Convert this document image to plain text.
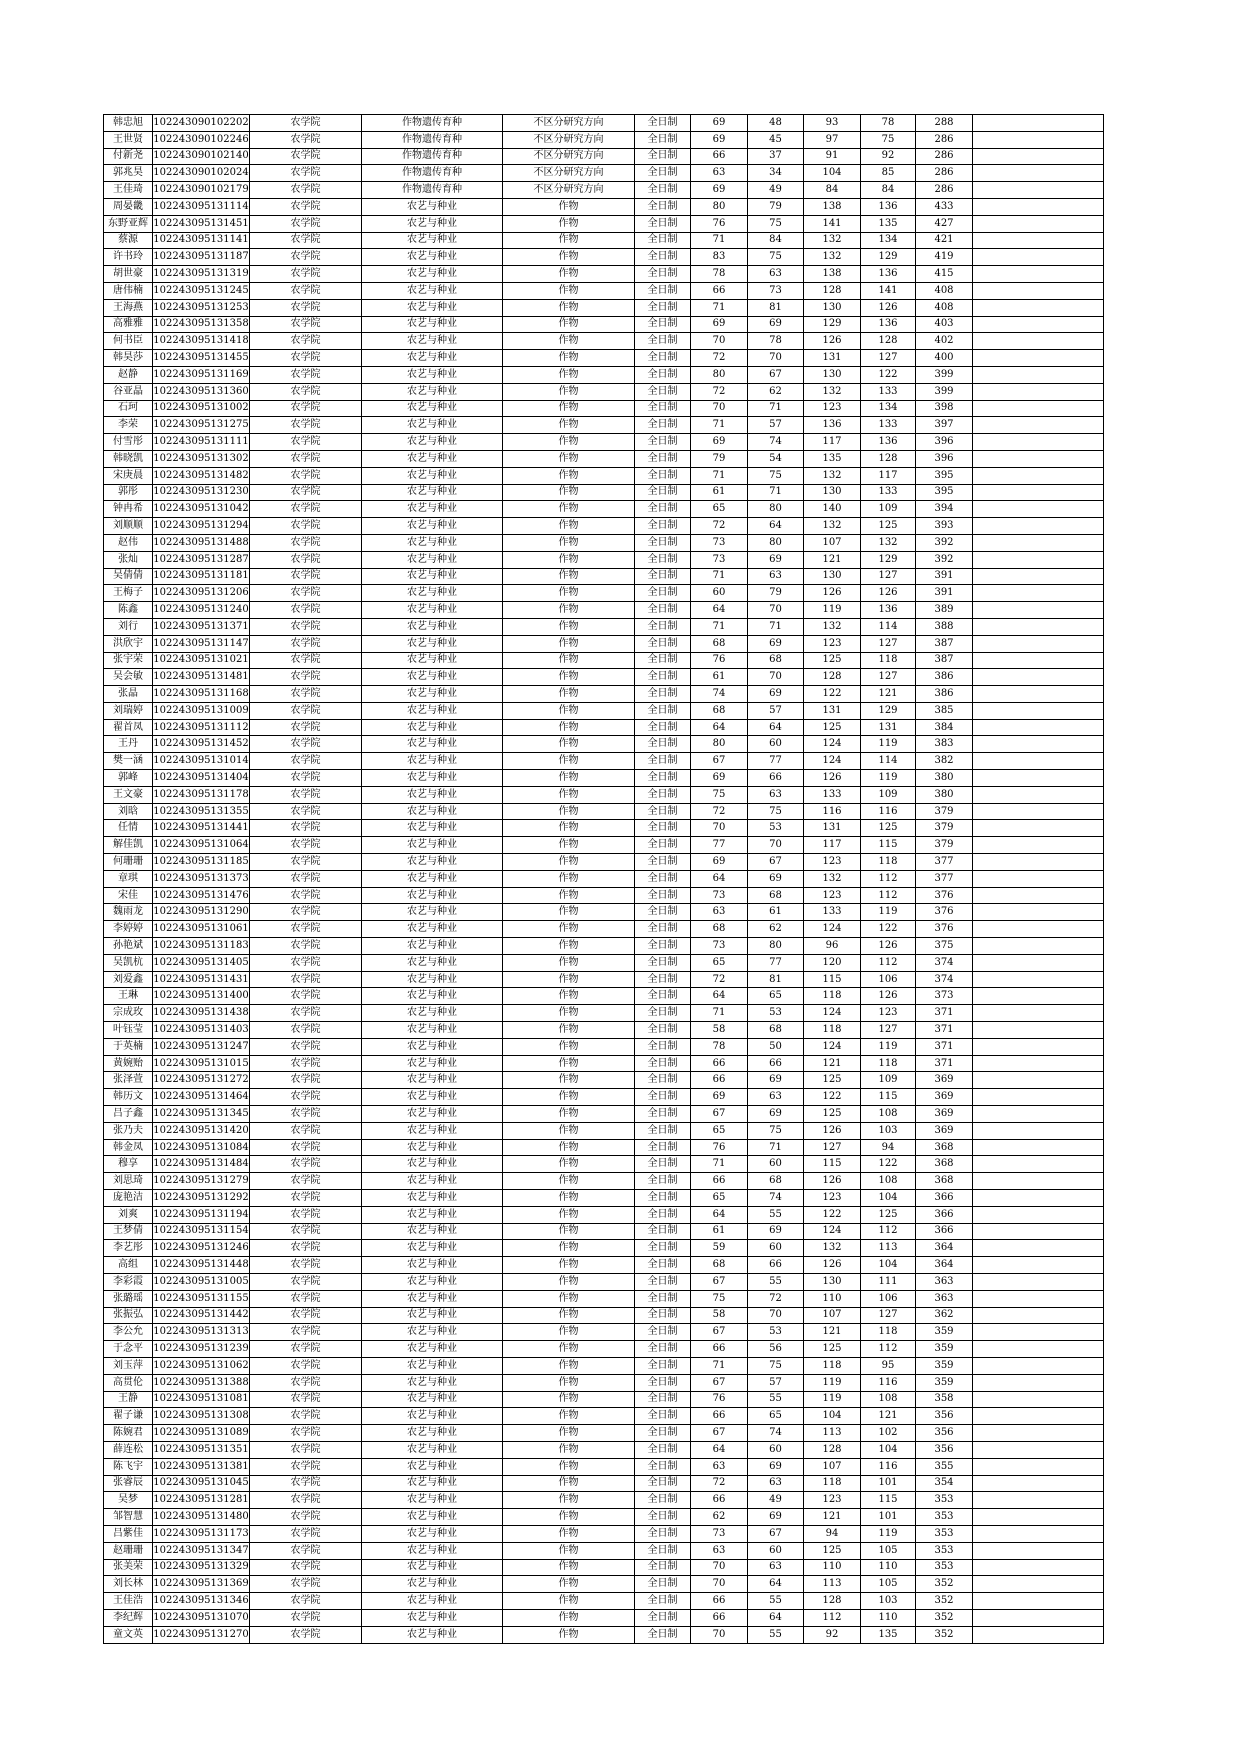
韩忠旭	102243090102202	农学院	作物遗传育种	不区分研究方向	全日制	69	48	93	78	288	
王世贤	102243090102246	农学院	作物遗传育种	不区分研究方向	全日制	69	45	97	75	286	
付新尧	102243090102140	农学院	作物遗传育种	不区分研究方向	全日制	66	37	91	92	286	
郭兆昊	102243090102024	农学院	作物遗传育种	不区分研究方向	全日制	63	34	104	85	286	
王佳琦	102243090102179	农学院	作物遗传育种	不区分研究方向	全日制	69	49	84	84	286	
周晏畿	102243095131114	农学院	农艺与种业	作物	全日制	80	79	138	136	433	
东野亚辉	102243095131451	农学院	农艺与种业	作物	全日制	76	75	141	135	427	
蔡源	102243095131141	农学院	农艺与种业	作物	全日制	71	84	132	134	421	
许书玲	102243095131187	农学院	农艺与种业	作物	全日制	83	75	132	129	419	
胡世豪	102243095131319	农学院	农艺与种业	作物	全日制	78	63	138	136	415	
唐伟楠	102243095131245	农学院	农艺与种业	作物	全日制	66	73	128	141	408	
王海燕	102243095131253	农学院	农艺与种业	作物	全日制	71	81	130	126	408	
高雅雅	102243095131358	农学院	农艺与种业	作物	全日制	69	69	129	136	403	
何书臣	102243095131418	农学院	农艺与种业	作物	全日制	70	78	126	128	402	
韩昊莎	102243095131455	农学院	农艺与种业	作物	全日制	72	70	131	127	400	
赵静	102243095131169	农学院	农艺与种业	作物	全日制	80	67	130	122	399	
谷亚晶	102243095131360	农学院	农艺与种业	作物	全日制	72	62	132	133	399	
石珂	102243095131002	农学院	农艺与种业	作物	全日制	70	71	123	134	398	
李荣	102243095131275	农学院	农艺与种业	作物	全日制	71	57	136	133	397	
付雪彤	102243095131111	农学院	农艺与种业	作物	全日制	69	74	117	136	396	
韩晓凯	102243095131302	农学院	农艺与种业	作物	全日制	79	54	135	128	396	
宋庚晨	102243095131482	农学院	农艺与种业	作物	全日制	71	75	132	117	395	
郭彤	102243095131230	农学院	农艺与种业	作物	全日制	61	71	130	133	395	
钟冉希	102243095131042	农学院	农艺与种业	作物	全日制	65	80	140	109	394	
刘顺顺	102243095131294	农学院	农艺与种业	作物	全日制	72	64	132	125	393	
赵伟	102243095131488	农学院	农艺与种业	作物	全日制	73	80	107	132	392	
张灿	102243095131287	农学院	农艺与种业	作物	全日制	73	69	121	129	392	
吴倩倩	102243095131181	农学院	农艺与种业	作物	全日制	71	63	130	127	391	
王梅子	102243095131206	农学院	农艺与种业	作物	全日制	60	79	126	126	391	
陈鑫	102243095131240	农学院	农艺与种业	作物	全日制	64	70	119	136	389	
刘行	102243095131371	农学院	农艺与种业	作物	全日制	71	71	132	114	388	
洪欣宇	102243095131147	农学院	农艺与种业	作物	全日制	68	69	123	127	387	
张宇荣	102243095131021	农学院	农艺与种业	作物	全日制	76	68	125	118	387	
吴会敏	102243095131481	农学院	农艺与种业	作物	全日制	61	70	128	127	386	
张晶	102243095131168	农学院	农艺与种业	作物	全日制	74	69	122	121	386	
刘瑞婷	102243095131009	农学院	农艺与种业	作物	全日制	68	57	131	129	385	
翟首凤	102243095131112	农学院	农艺与种业	作物	全日制	64	64	125	131	384	
王丹	102243095131452	农学院	农艺与种业	作物	全日制	80	60	124	119	383	
樊一涵	102243095131014	农学院	农艺与种业	作物	全日制	67	77	124	114	382	
郭峰	102243095131404	农学院	农艺与种业	作物	全日制	69	66	126	119	380	
王文豪	102243095131178	农学院	农艺与种业	作物	全日制	75	63	133	109	380	
刘晗	102243095131355	农学院	农艺与种业	作物	全日制	72	75	116	116	379	
任情	102243095131441	农学院	农艺与种业	作物	全日制	70	53	131	125	379	
解佳凯	102243095131064	农学院	农艺与种业	作物	全日制	77	70	117	115	379	
何珊珊	102243095131185	农学院	农艺与种业	作物	全日制	69	67	123	118	377	
章琪	102243095131373	农学院	农艺与种业	作物	全日制	64	69	132	112	377	
宋佳	102243095131476	农学院	农艺与种业	作物	全日制	73	68	123	112	376	
魏雨龙	102243095131290	农学院	农艺与种业	作物	全日制	63	61	133	119	376	
李婷婷	102243095131061	农学院	农艺与种业	作物	全日制	68	62	124	122	376	
孙艳斌	102243095131183	农学院	农艺与种业	作物	全日制	73	80	96	126	375	
吴凯杭	102243095131405	农学院	农艺与种业	作物	全日制	65	77	120	112	374	
刘爱鑫	102243095131431	农学院	农艺与种业	作物	全日制	72	81	115	106	374	
王琳	102243095131400	农学院	农艺与种业	作物	全日制	64	65	118	126	373	
宗成玫	102243095131438	农学院	农艺与种业	作物	全日制	71	53	124	123	371	
叶钰莹	102243095131403	农学院	农艺与种业	作物	全日制	58	68	118	127	371	
于英楠	102243095131247	农学院	农艺与种业	作物	全日制	78	50	124	119	371	
黄婉贻	102243095131015	农学院	农艺与种业	作物	全日制	66	66	121	118	371	
张泽萱	102243095131272	农学院	农艺与种业	作物	全日制	66	69	125	109	369	
韩历文	102243095131464	农学院	农艺与种业	作物	全日制	69	63	122	115	369	
吕子鑫	102243095131345	农学院	农艺与种业	作物	全日制	67	69	125	108	369	
张乃夫	102243095131420	农学院	农艺与种业	作物	全日制	65	75	126	103	369	
韩金凤	102243095131084	农学院	农艺与种业	作物	全日制	76	71	127	94	368	
穆享	102243095131484	农学院	农艺与种业	作物	全日制	71	60	115	122	368	
刘思琦	102243095131279	农学院	农艺与种业	作物	全日制	66	68	126	108	368	
庞艳洁	102243095131292	农学院	农艺与种业	作物	全日制	65	74	123	104	366	
刘爽	102243095131194	农学院	农艺与种业	作物	全日制	64	55	122	125	366	
王梦倩	102243095131154	农学院	农艺与种业	作物	全日制	61	69	124	112	366	
李艺彤	102243095131246	农学院	农艺与种业	作物	全日制	59	60	132	113	364	
高组	102243095131448	农学院	农艺与种业	作物	全日制	68	66	126	104	364	
李彩霞	102243095131005	农学院	农艺与种业	作物	全日制	67	55	130	111	363	
张璐瑶	102243095131155	农学院	农艺与种业	作物	全日制	75	72	110	106	363	
张振弘	102243095131442	农学院	农艺与种业	作物	全日制	58	70	107	127	362	
李公允	102243095131313	农学院	农艺与种业	作物	全日制	67	53	121	118	359	
于念平	102243095131239	农学院	农艺与种业	作物	全日制	66	56	125	112	359	
刘玉萍	102243095131062	农学院	农艺与种业	作物	全日制	71	75	118	95	359	
高贯伦	102243095131388	农学院	农艺与种业	作物	全日制	67	57	119	116	359	
王静	102243095131081	农学院	农艺与种业	作物	全日制	76	55	119	108	358	
翟子谦	102243095131308	农学院	农艺与种业	作物	全日制	66	65	104	121	356	
陈婉君	102243095131089	农学院	农艺与种业	作物	全日制	67	74	113	102	356	
薛连松	102243095131351	农学院	农艺与种业	作物	全日制	64	60	128	104	356	
陈飞宇	102243095131381	农学院	农艺与种业	作物	全日制	63	69	107	116	355	
张睿辰	102243095131045	农学院	农艺与种业	作物	全日制	72	63	118	101	354	
吴梦	102243095131281	农学院	农艺与种业	作物	全日制	66	49	123	115	353	
邹智慧	102243095131480	农学院	农艺与种业	作物	全日制	62	69	121	101	353	
吕紫佳	102243095131173	农学院	农艺与种业	作物	全日制	73	67	94	119	353	
赵珊珊	102243095131347	农学院	农艺与种业	作物	全日制	63	60	125	105	353	
张美荣	102243095131329	农学院	农艺与种业	作物	全日制	70	63	110	110	353	
刘长林	102243095131369	农学院	农艺与种业	作物	全日制	70	64	113	105	352	
王佳浩	102243095131346	农学院	农艺与种业	作物	全日制	66	55	128	103	352	
李纪辉	102243095131070	农学院	农艺与种业	作物	全日制	66	64	112	110	352	
童文英	102243095131270	农学院	农艺与种业	作物	全日制	70	55	92	135	352	
